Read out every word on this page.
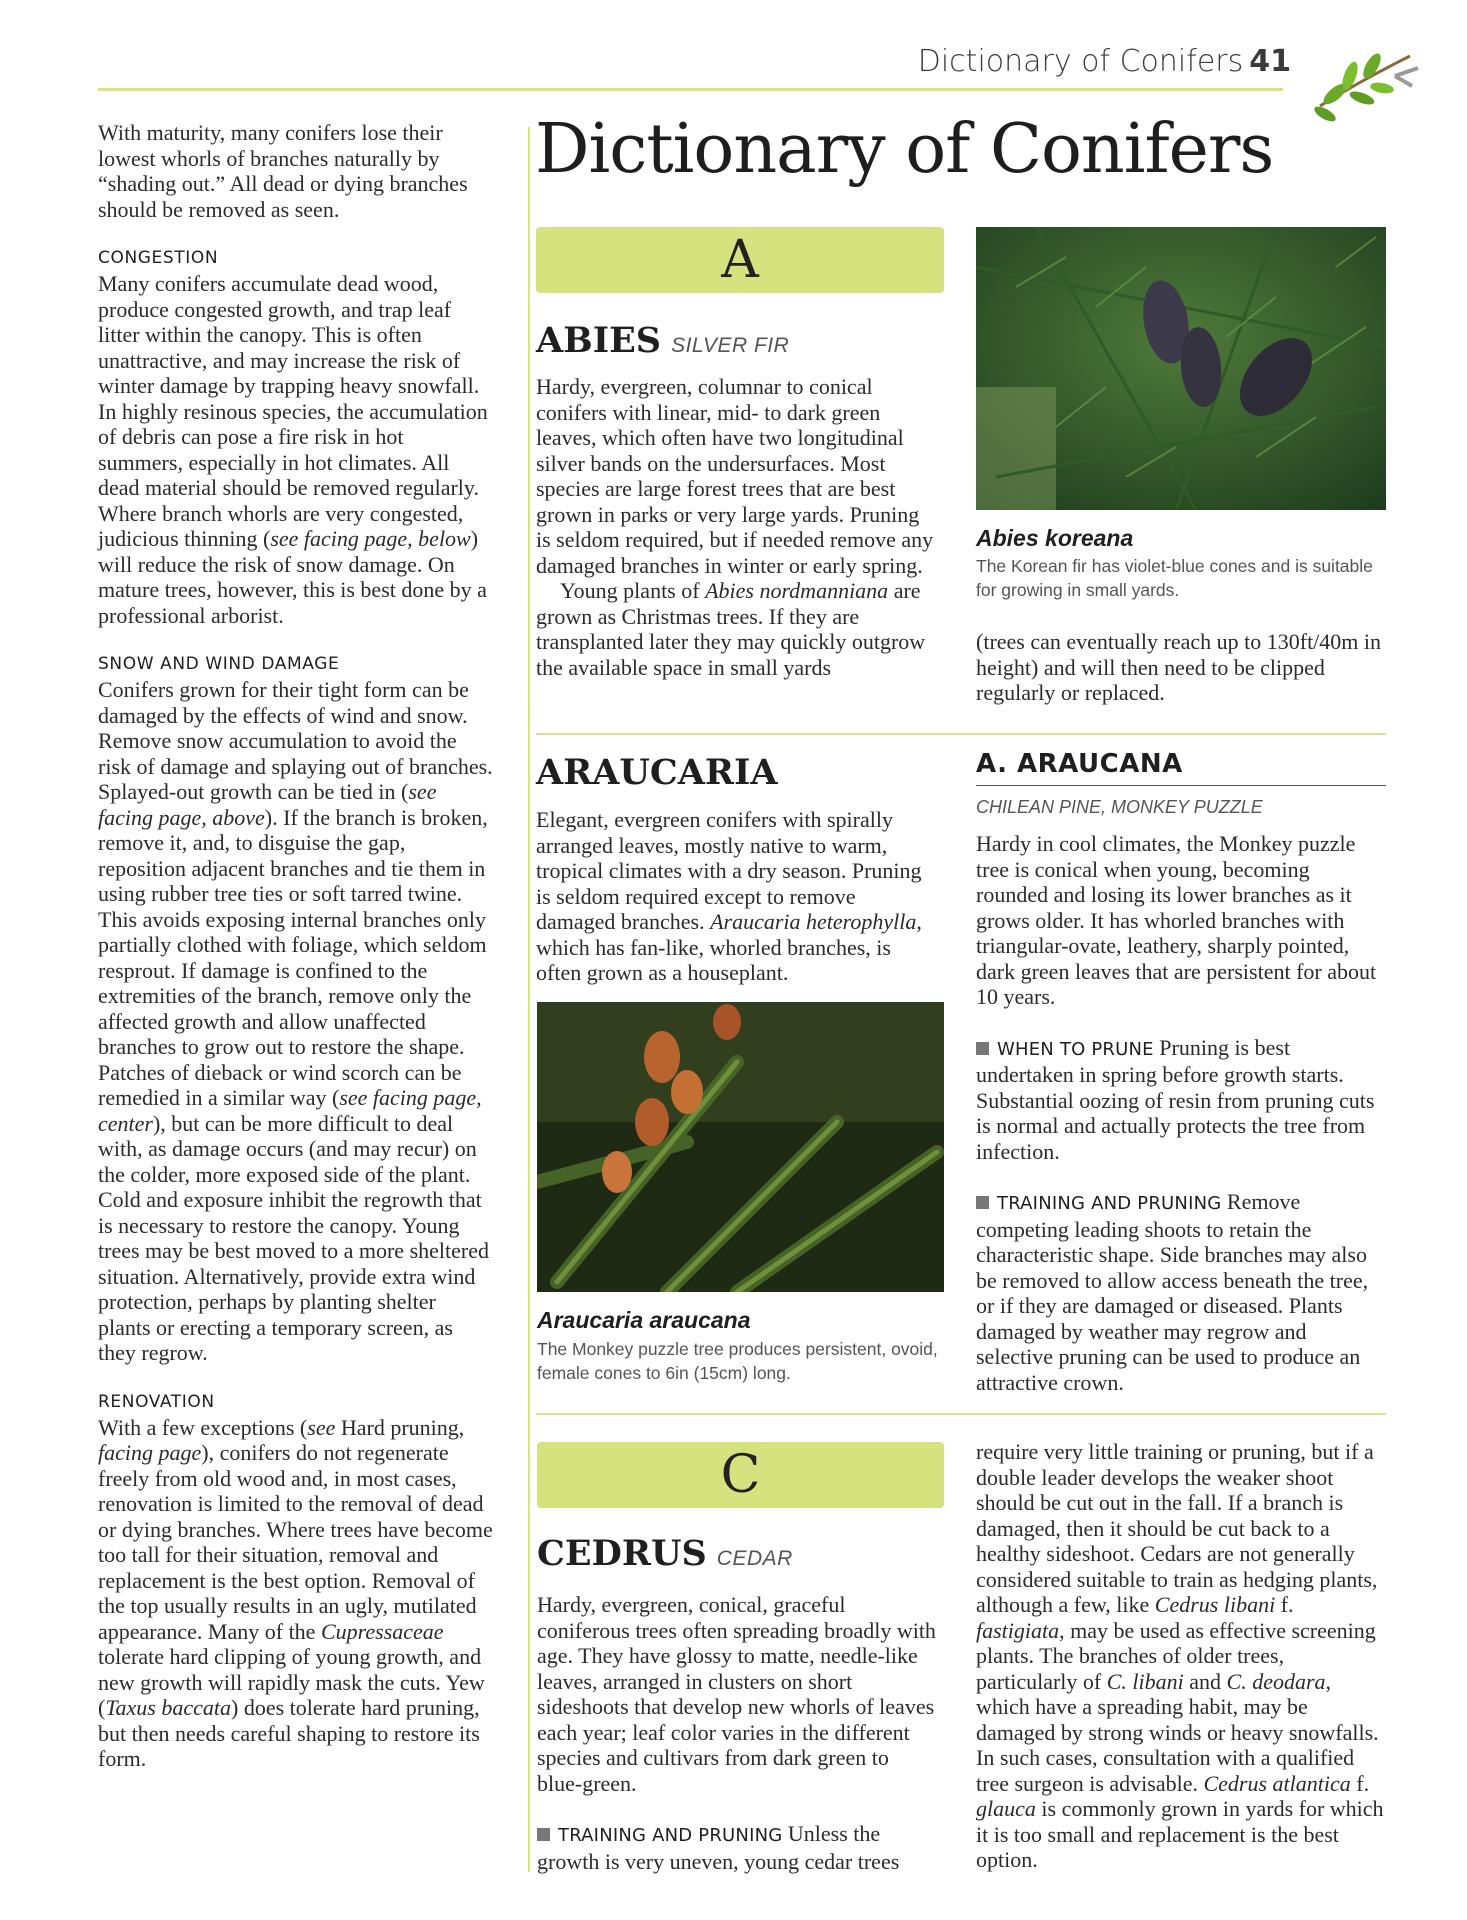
Dictionary of Conifers 41

With maturity, many conifers lose their lowest whorls of branches naturally by “shading out.” All dead or dying branches should be removed as seen.

CONGESTION

Many conifers accumulate dead wood, produce congested growth, and trap leaf litter within the canopy. This is often unattractive, and may increase the risk of winter damage by trapping heavy snowfall. In highly resinous species, the accumulation of debris can pose a fire risk in hot summers, especially in hot climates. All dead material should be removed regularly. Where branch whorls are very congested, judicious thinning (see facing page, below) will reduce the risk of snow damage. On mature trees, however, this is best done by a professional arborist.

SNOW AND WIND DAMAGE

Conifers grown for their tight form can be damaged by the effects of wind and snow. Remove snow accumulation to avoid the risk of damage and splaying out of branches. Splayed-out growth can be tied in (see facing page, above). If the branch is broken, remove it, and, to disguise the gap, reposition adjacent branches and tie them in using rubber tree ties or soft tarred twine. This avoids exposing internal branches only partially clothed with foliage, which seldom resprout. If damage is confined to the extremities of the branch, remove only the affected growth and allow unaffected branches to grow out to restore the shape. Patches of dieback or wind scorch can be remedied in a similar way (see facing page, center), but can be more difficult to deal with, as damage occurs (and may recur) on the colder, more exposed side of the plant. Cold and exposure inhibit the regrowth that is necessary to restore the canopy. Young trees may be best moved to a more sheltered situation. Alternatively, provide extra wind protection, perhaps by planting shelter plants or erecting a temporary screen, as they regrow.

RENOVATION

With a few exceptions (see Hard pruning, facing page), conifers do not regenerate freely from old wood and, in most cases, renovation is limited to the removal of dead or dying branches. Where trees have become too tall for their situation, removal and replacement is the best option. Removal of the top usually results in an ugly, mutilated appearance. Many of the Cupressaceae tolerate hard clipping of young growth, and new growth will rapidly mask the cuts. Yew (Taxus baccata) does tolerate hard pruning, but then needs careful shaping to restore its form.

Dictionary of Conifers
A
ABIES SILVER FIR

Hardy, evergreen, columnar to conical conifers with linear, mid- to dark green leaves, which often have two longitudinal silver bands on the undersurfaces. Most species are large forest trees that are best grown in parks or very large yards. Pruning is seldom required, but if needed remove any damaged branches in winter or early spring.

Young plants of Abies nordmanniana are grown as Christmas trees. If they are transplanted later they may quickly outgrow the available space in small yards

Abies koreana
The Korean fir has violet-blue cones and is suitable for growing in small yards.
(trees can eventually reach up to 130ft/40m in height) and will then need to be clipped regularly or replaced.
ARAUCARIA

Elegant, evergreen conifers with spirally arranged leaves, mostly native to warm, tropical climates with a dry season. Pruning is seldom required except to remove damaged branches. Araucaria heterophylla, which has fan-like, whorled branches, is often grown as a houseplant.

Araucaria araucana
The Monkey puzzle tree produces persistent, ovoid, female cones to 6in (15cm) long.
A. ARAUCANA
CHILEAN PINE, MONKEY PUZZLE

Hardy in cool climates, the Monkey puzzle tree is conical when young, becoming rounded and losing its lower branches as it grows older. It has whorled branches with triangular-ovate, leathery, sharply pointed, dark green leaves that are persistent for about 10 years.

WHEN TO PRUNE Pruning is best undertaken in spring before growth starts. Substantial oozing of resin from pruning cuts is normal and actually protects the tree from infection.

TRAINING AND PRUNING Remove competing leading shoots to retain the characteristic shape. Side branches may also be removed to allow access beneath the tree, or if they are damaged or diseased. Plants damaged by weather may regrow and selective pruning can be used to produce an attractive crown.

C
CEDRUS CEDAR

Hardy, evergreen, conical, graceful coniferous trees often spreading broadly with age. They have glossy to matte, needle-like leaves, arranged in clusters on short sideshoots that develop new whorls of leaves each year; leaf color varies in the different species and cultivars from dark green to blue-green.

TRAINING AND PRUNING Unless the growth is very uneven, young cedar trees

require very little training or pruning, but if a double leader develops the weaker shoot should be cut out in the fall. If a branch is damaged, then it should be cut back to a healthy sideshoot. Cedars are not generally considered suitable to train as hedging plants, although a few, like Cedrus libani f. fastigiata, may be used as effective screening plants. The branches of older trees, particularly of C. libani and C. deodara, which have a spreading habit, may be damaged by strong winds or heavy snowfalls. In such cases, consultation with a qualified tree surgeon is advisable. Cedrus atlantica f. glauca is commonly grown in yards for which it is too small and replacement is the best option.
